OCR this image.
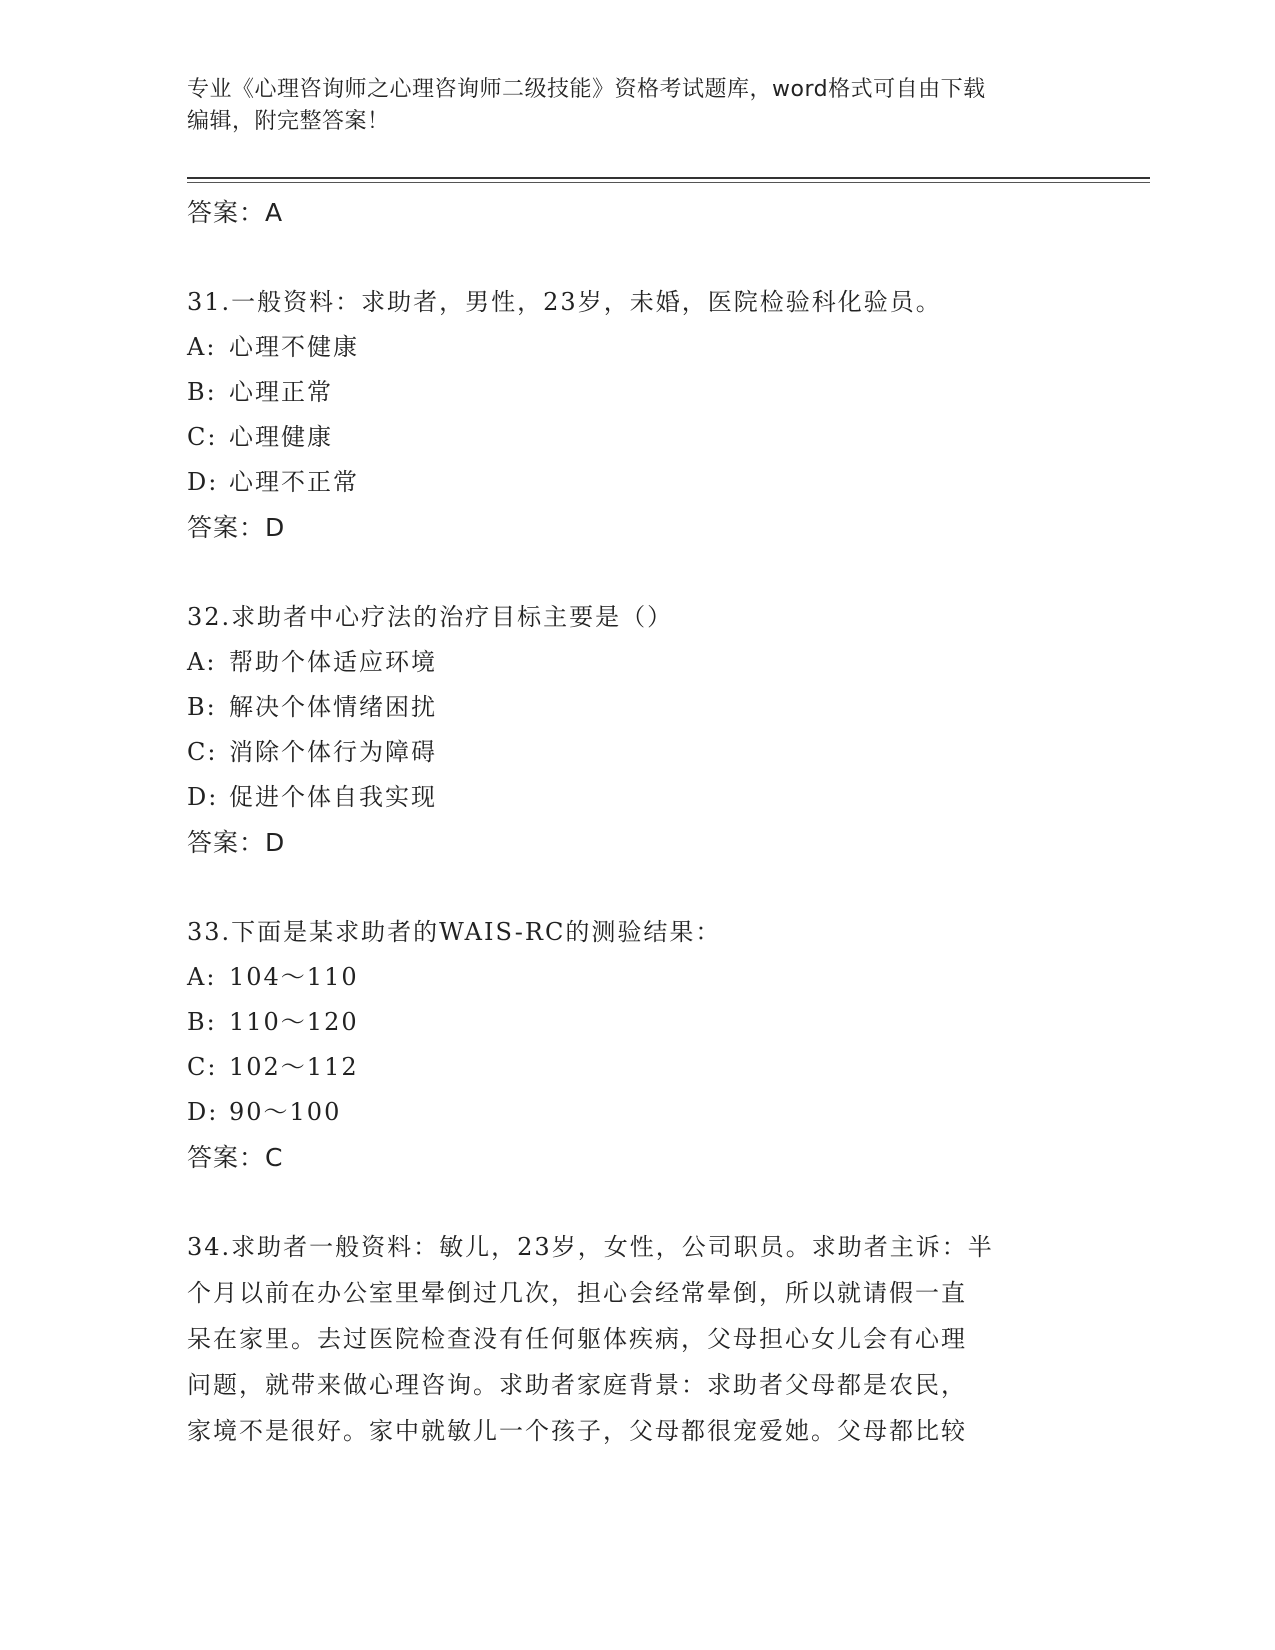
专业《心理咨询师之心理咨询师二级技能》资格考试题库，word格式可自由下载
编辑，附完整答案！
答案：A
31.一般资料：求助者，男性，23岁，未婚，医院检验科化验员。
A: 心理不健康
B: 心理正常
C: 心理健康
D: 心理不正常
答案：D
32.求助者中心疗法的治疗目标主要是（）
A: 帮助个体适应环境
B: 解决个体情绪困扰
C: 消除个体行为障碍
D: 促进个体自我实现
答案：D
33.下面是某求助者的WAIS-RC的测验结果：
A: 104～110
B: 110～120
C: 102～112
D: 90～100
答案：C
34.求助者一般资料：敏儿，23岁，女性，公司职员。求助者主诉：半
个月以前在办公室里晕倒过几次，担心会经常晕倒，所以就请假一直
呆在家里。去过医院检查没有任何躯体疾病，父母担心女儿会有心理
问题，就带来做心理咨询。求助者家庭背景：求助者父母都是农民，
家境不是很好。家中就敏儿一个孩子，父母都很宠爱她。父母都比较
